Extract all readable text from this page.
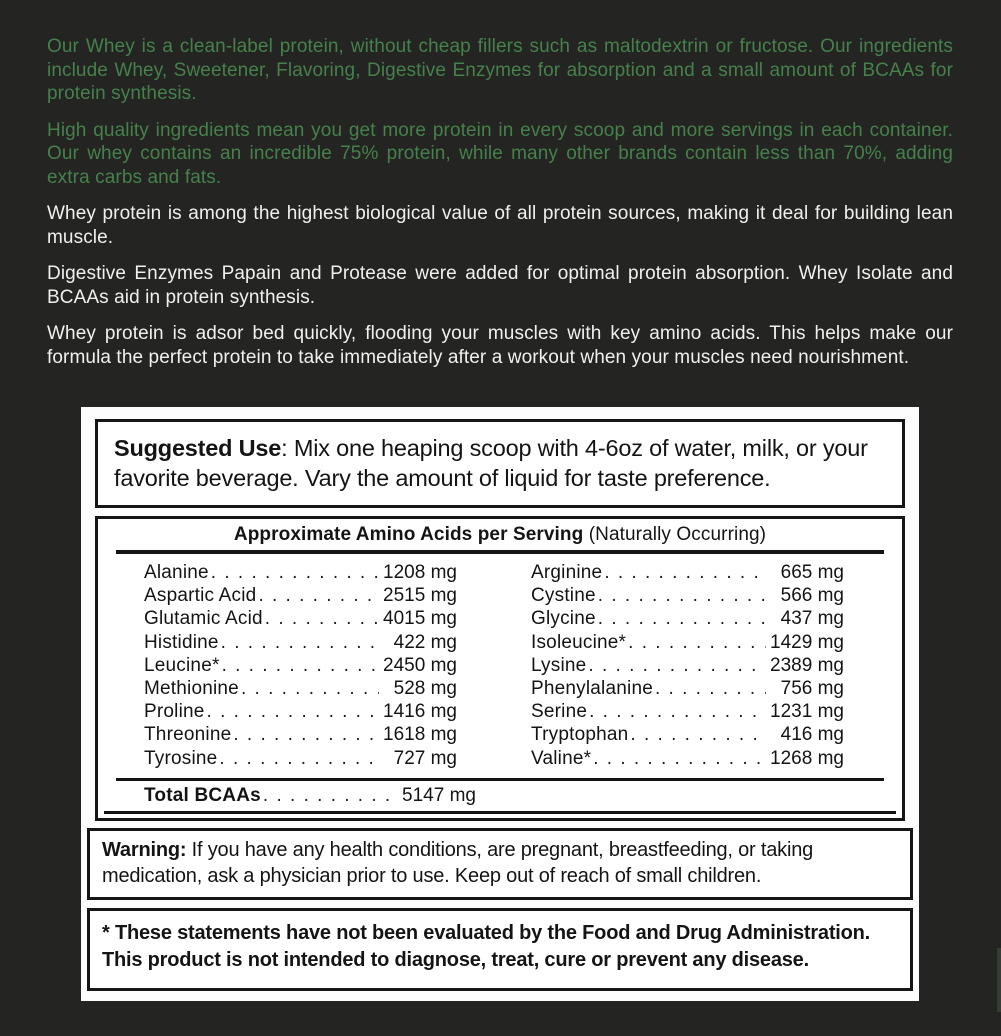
Our Whey is a clean-label protein, without cheap fillers such as maltodextrin or fructose. Our ingredients include Whey, Sweetener, Flavoring, Digestive Enzymes for absorption and a small amount of BCAAs for protein synthesis.

High quality ingredients mean you get more protein in every scoop and more servings in each container. Our whey contains an incredible 75% protein, while many other brands contain less than 70%, adding extra carbs and fats.

Whey protein is among the highest biological value of all protein sources, making it deal for building lean muscle.

Digestive Enzymes Papain and Protease were added for optimal protein absorption. Whey Isolate and BCAAs aid in protein synthesis.

Whey protein is adsor bed quickly, flooding your muscles with key amino acids. This helps make our formula the perfect protein to take immediately after a workout when your muscles need nourishment.

Suggested Use: Mix one heaping scoop with 4-6oz of water, milk, or your favorite beverage. Vary the amount of liquid for taste preference.
Approximate Amino Acids per Serving (Naturally Occurring)
Alanine . . .	1208 mg
Aspartic Acid . . .	2515 mg
Glutamic Acid . . .	4015 mg
Histidine . . .	422 mg
Leucine* . . .	2450 mg
Methionine . . .	528 mg
Proline . . .	1416 mg
Threonine . . .	1618 mg
Tyrosine . . .	727 mg
Arginine . . .	665 mg
Cystine . . .	566 mg
Glycine . . .	437 mg
Isoleucine* . . .	1429 mg
Lysine . . .	2389 mg
Phenylalanine . . .	756 mg
Serine . . .	1231 mg
Tryptophan . . .	416 mg
Valine* . . .	1268 mg
Total BCAAs . . .	5147 mg
Warning: If you have any health conditions, are pregnant, breastfeeding, or taking medication, ask a physician prior to use. Keep out of reach of small children.
* These statements have not been evaluated by the Food and Drug Administration. This product is not intended to diagnose, treat, cure or prevent any disease.
